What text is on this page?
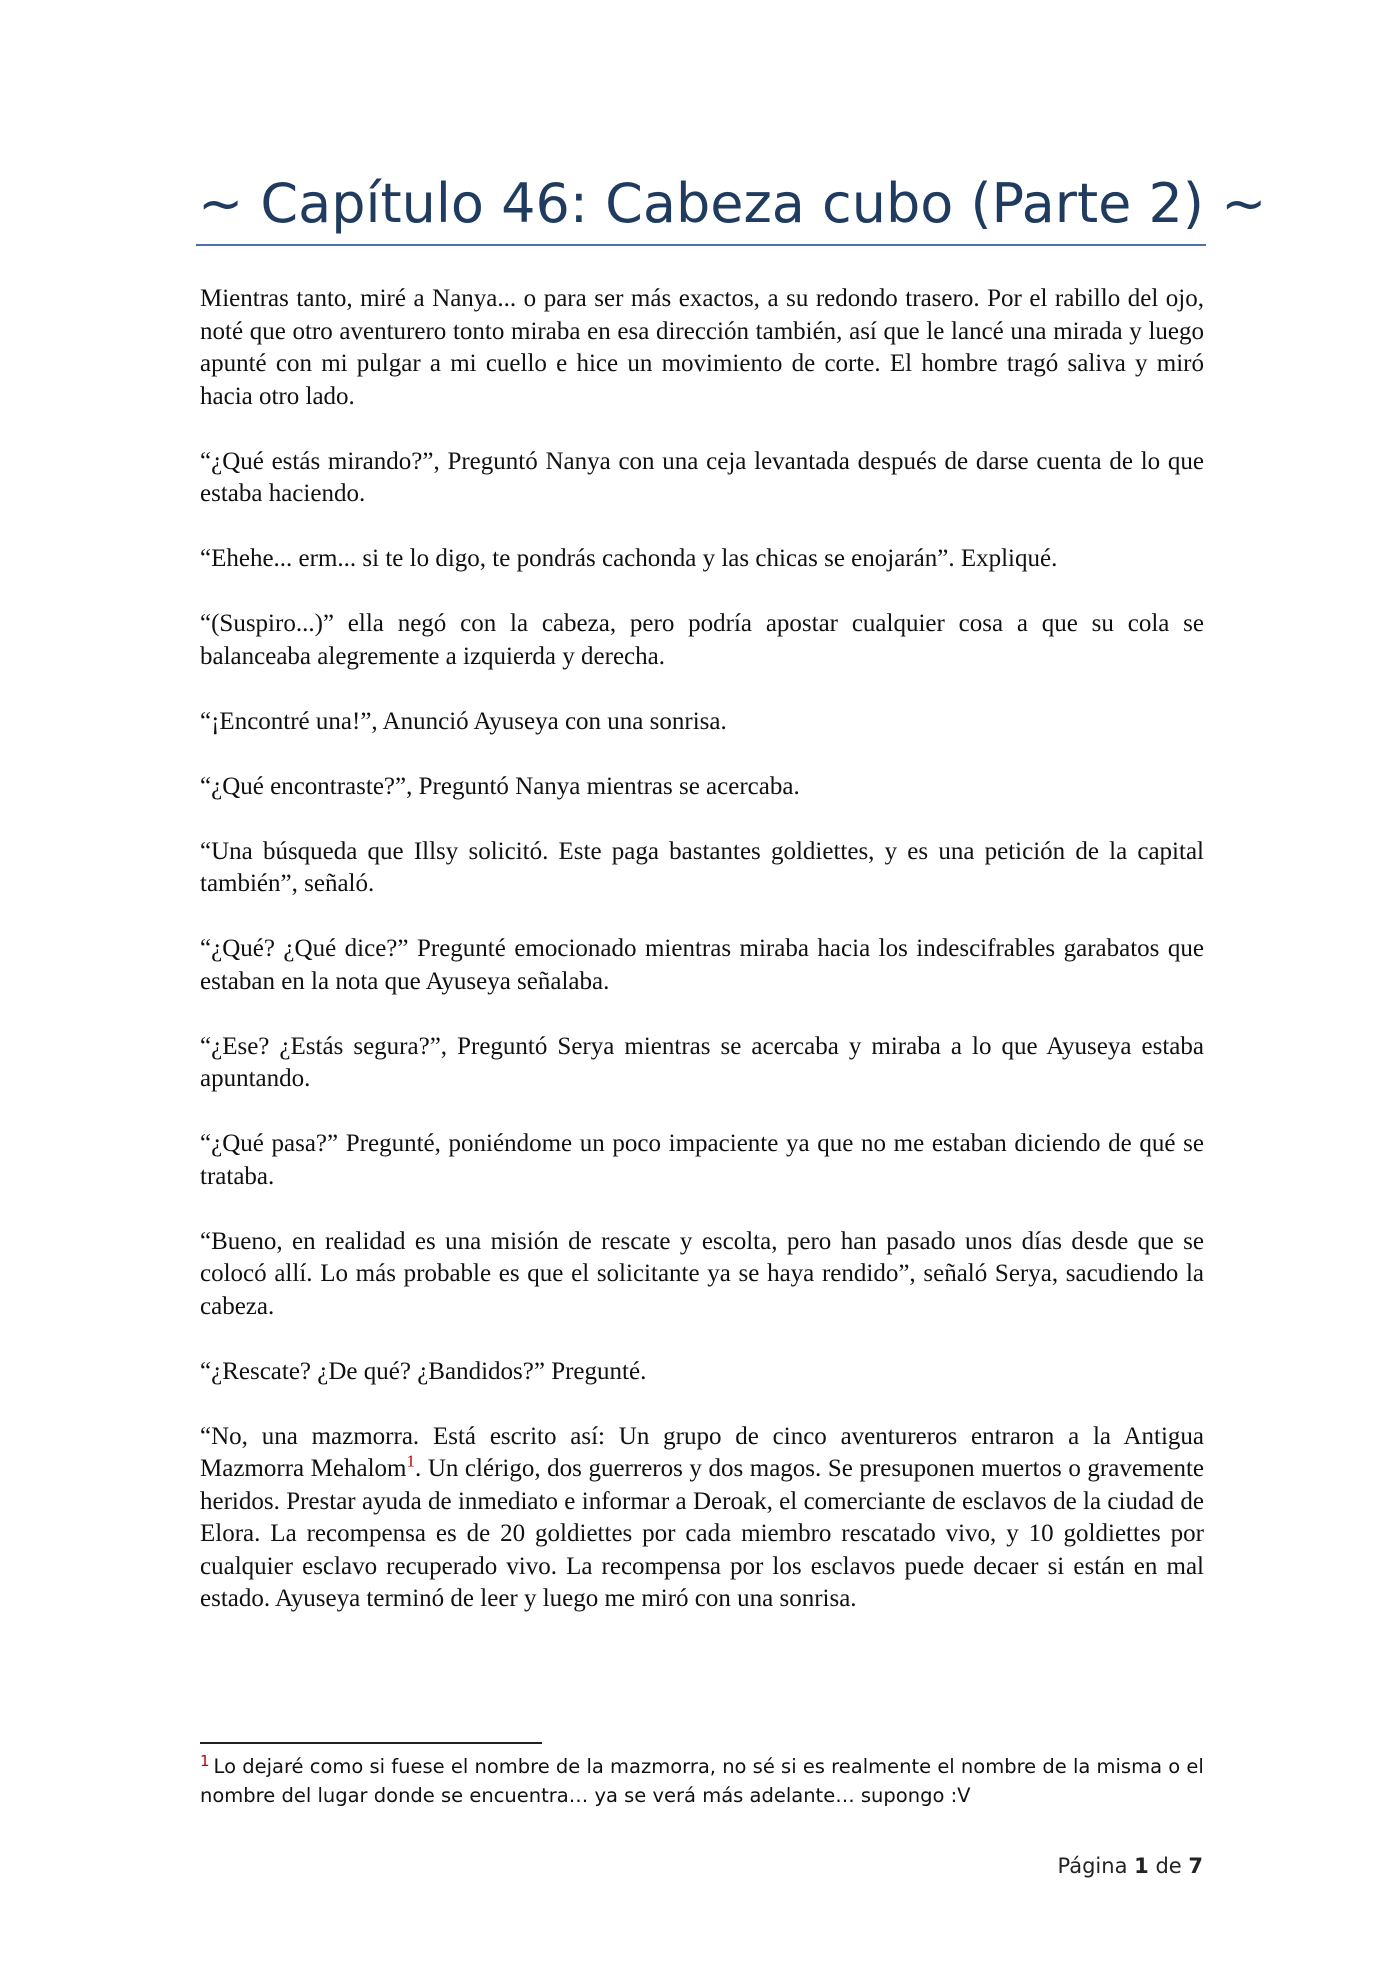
~ Capítulo 46: Cabeza cubo (Parte 2) ~

Mientras tanto, miré a Nanya... o para ser más exactos, a su redondo trasero. Por el rabillo del ojo, noté que otro aventurero tonto miraba en esa dirección también, así que le lancé una mirada y luego apunté con mi pulgar a mi cuello e hice un movimiento de corte. El hombre tragó saliva y miró hacia otro lado.

“¿Qué estás mirando?”, Preguntó Nanya con una ceja levantada después de darse cuenta de lo que estaba haciendo.

“Ehehe... erm... si te lo digo, te pondrás cachonda y las chicas se enojarán”. Expliqué.

“(Suspiro...)” ella negó con la cabeza, pero podría apostar cualquier cosa a que su cola se balanceaba alegremente a izquierda y derecha.

“¡Encontré una!”, Anunció Ayuseya con una sonrisa.

“¿Qué encontraste?”, Preguntó Nanya mientras se acercaba.

“Una búsqueda que Illsy solicitó. Este paga bastantes goldiettes, y es una petición de la capital también”, señaló.

“¿Qué? ¿Qué dice?” Pregunté emocionado mientras miraba hacia los indescifrables garabatos que estaban en la nota que Ayuseya señalaba.

“¿Ese? ¿Estás segura?”, Preguntó Serya mientras se acercaba y miraba a lo que Ayuseya estaba apuntando.

“¿Qué pasa?” Pregunté, poniéndome un poco impaciente ya que no me estaban diciendo de qué se trataba.

“Bueno, en realidad es una misión de rescate y escolta, pero han pasado unos días desde que se colocó allí. Lo más probable es que el solicitante ya se haya rendido”, señaló Serya, sacudiendo la cabeza.

“¿Rescate? ¿De qué? ¿Bandidos?” Pregunté.

“No, una mazmorra. Está escrito así: Un grupo de cinco aventureros entraron a la Antigua Mazmorra Mehalom$^1$. Un clérigo, dos guerreros y dos magos. Se presuponen muertos o gravemente heridos. Prestar ayuda de inmediato e informar a Deroak, el comerciante de esclavos de la ciudad de Elora. La recompensa es de 20 goldiettes por cada miembro rescatado vivo, y 10 goldiettes por cualquier esclavo recuperado vivo. La recompensa por los esclavos puede decaer si están en mal estado. Ayuseya terminó de leer y luego me miró con una sonrisa.

$^1$ Lo dejaré como si fuese el nombre de la mazmorra, no sé si es realmente el nombre de la misma o el nombre del lugar donde se encuentra… ya se verá más adelante… supongo :V
Página 1 de 7
